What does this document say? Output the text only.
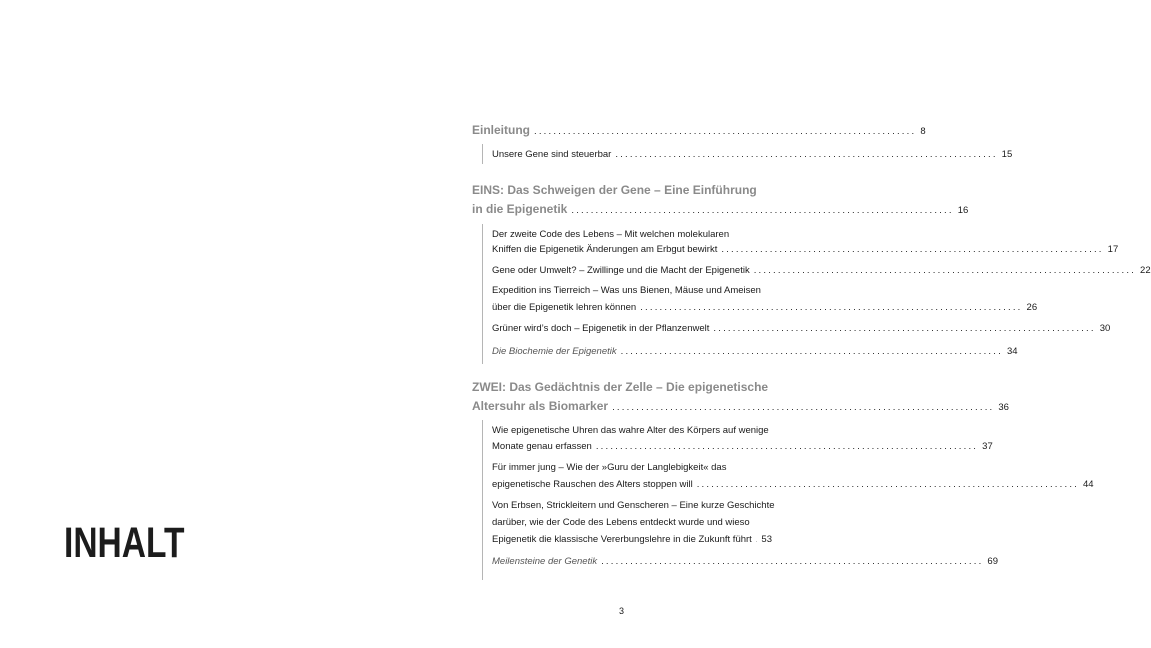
INHALT
Einleitung ............................................................................... 8
Unsere Gene sind steuerbar ............................................................................... 15
EINS: Das Schweigen der Gene – Eine Einführung
in die Epigenetik ............................................................................... 16
Der zweite Code des Lebens – Mit welchen molekularen
Kniffen die Epigenetik Änderungen am Erbgut bewirkt ............................................................................... 17
Gene oder Umwelt? – Zwillinge und die Macht der Epigenetik ............................................................................... 22
Expedition ins Tierreich – Was uns Bienen, Mäuse und Ameisen
über die Epigenetik lehren können ............................................................................... 26
Grüner wird’s doch – Epigenetik in der Pflanzenwelt ............................................................................... 30
Die Biochemie der Epigenetik ............................................................................... 34
ZWEI: Das Gedächtnis der Zelle – Die epigenetische
Altersuhr als Biomarker ............................................................................... 36
Wie epigenetische Uhren das wahre Alter des Körpers auf wenige
Monate genau erfassen ............................................................................... 37
Für immer jung – Wie der »Guru der Langlebigkeit« das
epigenetische Rauschen des Alters stoppen will ............................................................................... 44
Von Erbsen, Strickleitern und Genscheren – Eine kurze Geschichte
darüber, wie der Code des Lebens entdeckt wurde und wieso
Epigenetik die klassische Vererbungslehre in die Zukunft führt 53
Meilensteine der Genetik ............................................................................... 69
3
